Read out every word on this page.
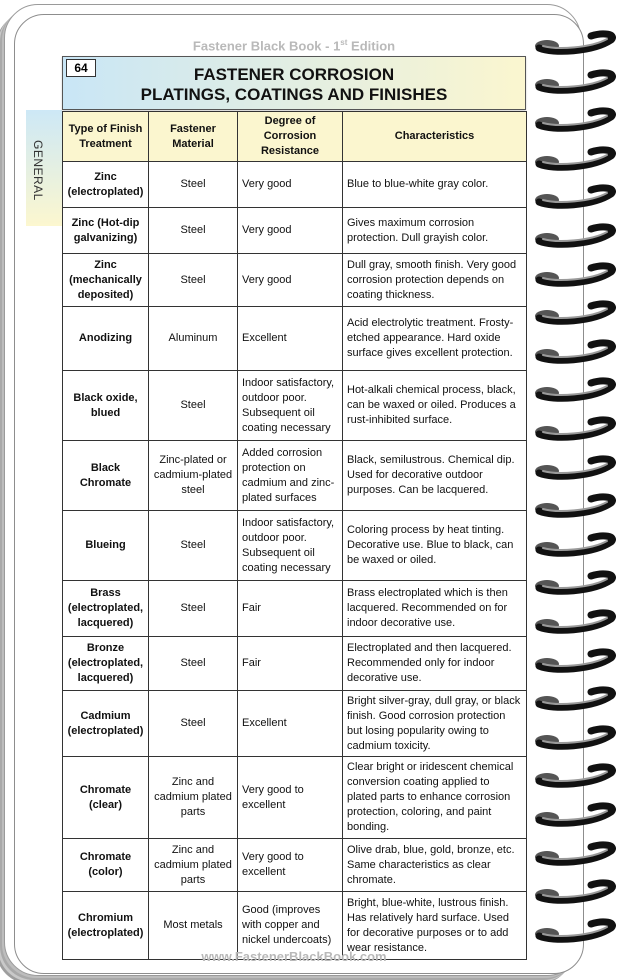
Fastener Black Book - 1st Edition
GENERAL
64	FASTENER CORROSION
PLATINGS, COATINGS AND FINISHES
Type of Finish Treatment	Fastener Material	Degree of Corrosion Resistance	Characteristics
Zinc (electroplated)	Steel	Very good	Blue to blue-white gray color.
Zinc (Hot-dip galvanizing)	Steel	Very good	Gives maximum corrosion protection. Dull grayish color.
Zinc (mechanically deposited)	Steel	Very good	Dull gray, smooth finish. Very good corrosion protection depends on coating thickness.
Anodizing	Aluminum	Excellent	Acid electrolytic treatment. Frosty-etched appearance. Hard oxide surface gives excellent protection.
Black oxide, blued	Steel	Indoor satisfactory, outdoor poor. Subsequent oil coating necessary	Hot-alkali chemical process, black, can be waxed or oiled. Produces a rust-inhibited surface.
Black Chromate	Zinc-plated or cadmium-plated steel	Added corrosion protection on cadmium and zinc-plated surfaces	Black, semilustrous. Chemical dip. Used for decorative outdoor purposes. Can be lacquered.
Blueing	Steel	Indoor satisfactory, outdoor poor. Subsequent oil coating necessary	Coloring process by heat tinting. Decorative use. Blue to black, can be waxed or oiled.
Brass (electroplated, lacquered)	Steel	Fair	Brass electroplated which is then lacquered. Recommended on for indoor decorative use.
Bronze (electroplated, lacquered)	Steel	Fair	Electroplated and then lacquered. Recommended only for indoor decorative use.
Cadmium (electroplated)	Steel	Excellent	Bright silver-gray, dull gray, or black finish. Good corrosion protection but losing popularity owing to cadmium toxicity.
Chromate (clear)	Zinc and cadmium plated parts	Very good to excellent	Clear bright or iridescent chemical conversion coating applied to plated parts to enhance corrosion protection, coloring, and paint bonding.
Chromate (color)	Zinc and cadmium plated parts	Very good to excellent	Olive drab, blue, gold, bronze, etc. Same characteristics as clear chromate.
Chromium (electroplated)	Most metals	Good (improves with copper and nickel undercoats)	Bright, blue-white, lustrous finish. Has relatively hard surface. Used for decorative purposes or to add wear resistance.
www.FastenerBlackBook.com
